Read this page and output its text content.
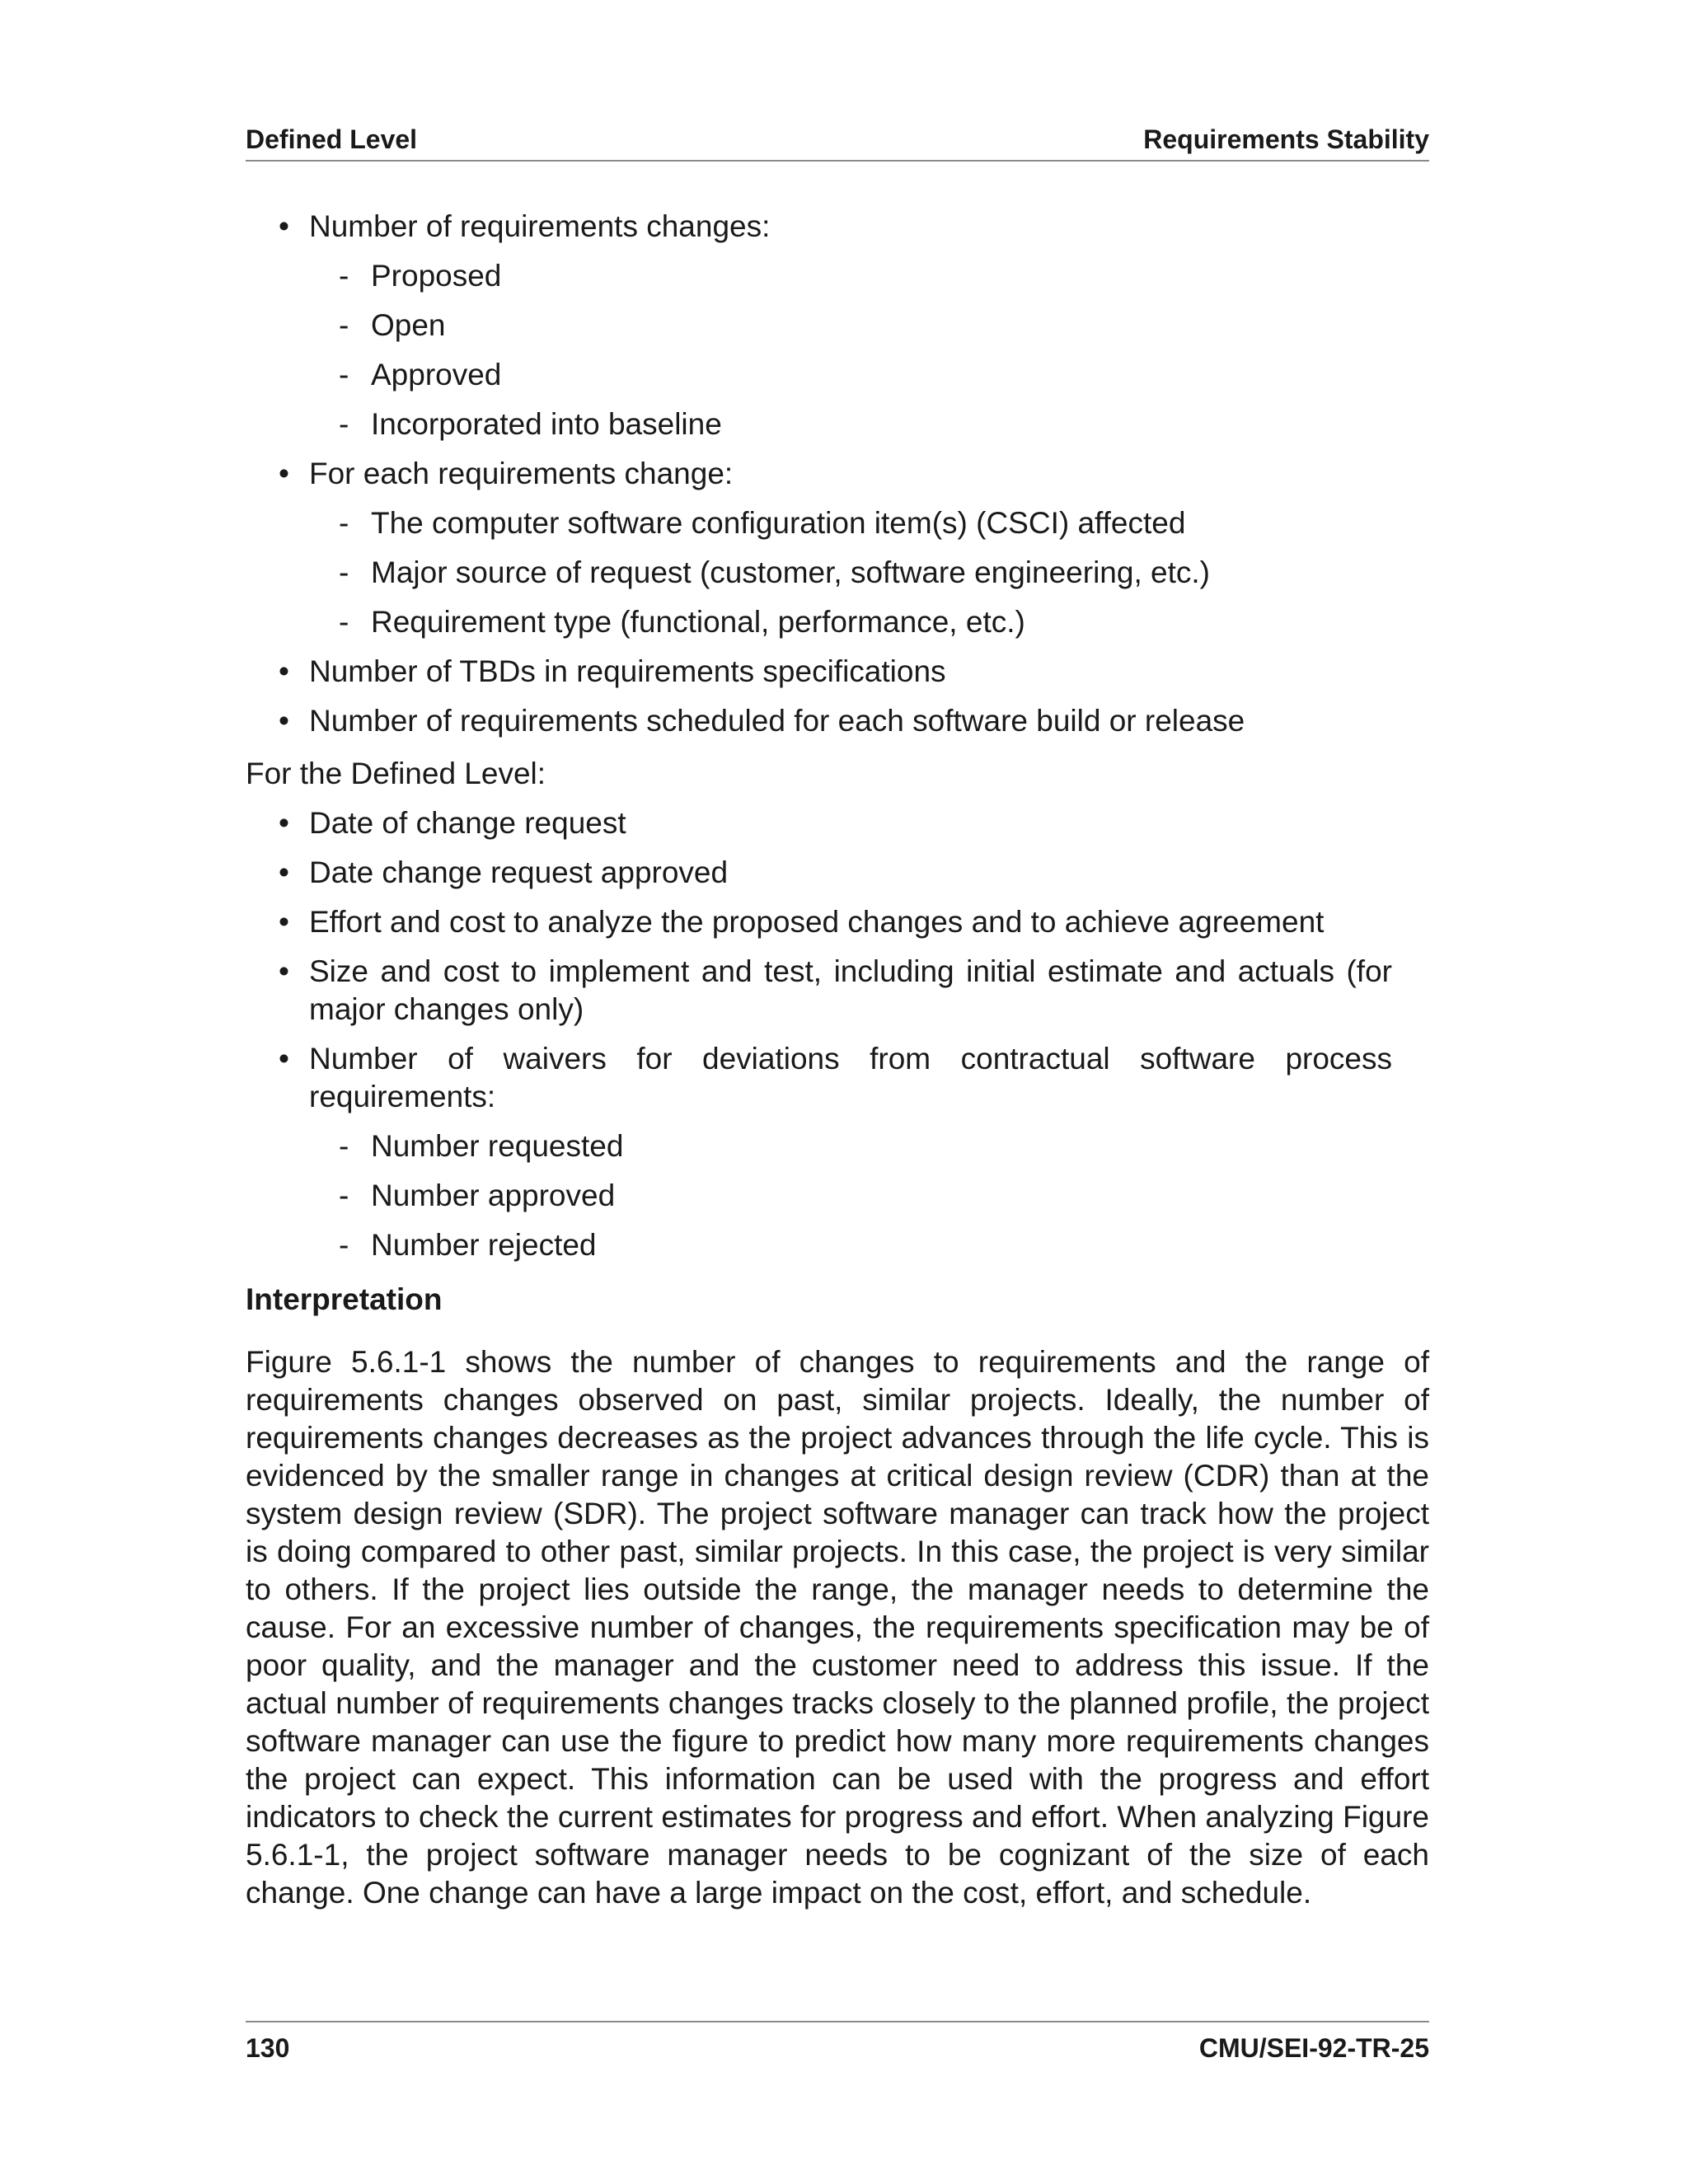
Defined Level	Requirements Stability
• Number of requirements changes:
- Proposed
- Open
- Approved
- Incorporated into baseline
• For each requirements change:
- The computer software configuration item(s) (CSCI) affected
- Major source of request (customer, software engineering, etc.)
- Requirement type (functional, performance, etc.)
• Number of TBDs in requirements specifications
• Number of requirements scheduled for each software build or release

For the Defined Level:

• Date of change request
• Date change request approved
• Effort and cost to analyze the proposed changes and to achieve agreement
• Size and cost to implement and test, including initial estimate and actuals (for major changes only)
• Number of waivers for deviations from contractual software process requirements:
- Number requested
- Number approved
- Number rejected
Interpretation

Figure 5.6.1-1 shows the number of changes to requirements and the range of requirements changes observed on past, similar projects. Ideally, the number of requirements changes decreases as the project advances through the life cycle. This is evidenced by the smaller range in changes at critical design review (CDR) than at the system design review (SDR). The project software manager can track how the project is doing compared to other past, similar projects. In this case, the project is very similar to others. If the project lies outside the range, the manager needs to determine the cause. For an excessive number of changes, the requirements specification may be of poor quality, and the manager and the customer need to address this issue. If the actual number of requirements changes tracks closely to the planned profile, the project software manager can use the figure to predict how many more requirements changes the project can expect. This information can be used with the progress and effort indicators to check the current estimates for progress and effort. When analyzing Figure 5.6.1-1, the project software manager needs to be cognizant of the size of each change. One change can have a large impact on the cost, effort, and schedule.

130	CMU/SEI-92-TR-25
